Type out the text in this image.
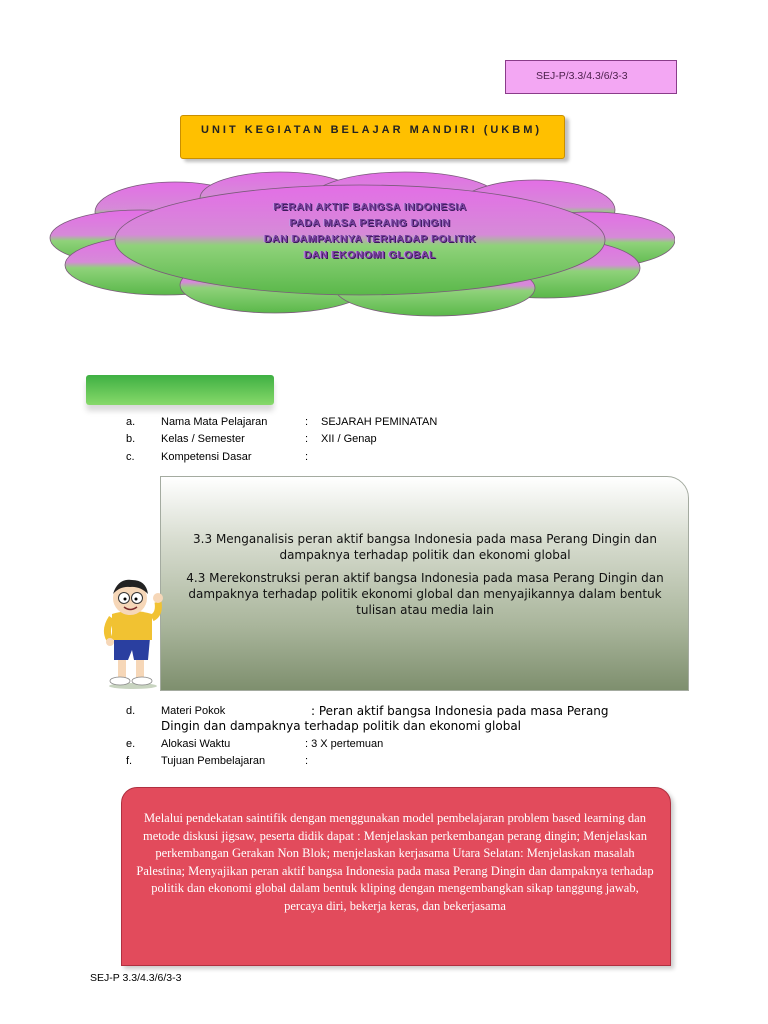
SEJ-P/3.3/4.3/6/3-3
UNIT KEGIATAN BELAJAR MANDIRI (UKBM)
PERAN AKTIF BANGSA INDONESIA
PADA MASA PERANG DINGIN
DAN DAMPAKNYA TERHADAP POLITIK
DAN EKONOMI GLOBAL
a. Nama Mata Pelajaran	: SEJARAH PEMINATAN
b. Kelas / Semester	: XII / Genap
c. Kompetensi Dasar	:

3.3 Menganalisis peran aktif bangsa Indonesia pada masa Perang Dingin dan dampaknya terhadap politik dan ekonomi global

4.3 Merekonstruksi peran aktif bangsa Indonesia pada masa Perang Dingin dan dampaknya terhadap politik ekonomi global dan menyajikannya dalam bentuk tulisan atau media lain

d. Materi Pokok	: Peran aktif bangsa Indonesia pada masa Perang
Dingin dan dampaknya terhadap politik dan ekonomi global
e. Alokasi Waktu	: 3 X pertemuan
f.	Tujuan Pembelajaran	:
Melalui pendekatan saintifik dengan menggunakan model pembelajaran problem based learning dan metode diskusi jigsaw, peserta didik dapat : Menjelaskan perkembangan perang dingin; Menjelaskan perkembangan Gerakan Non Blok; menjelaskan kerjasama Utara Selatan: Menjelaskan masalah Palestina; Menyajikan peran aktif bangsa Indonesia pada masa Perang Dingin dan dampaknya terhadap politik dan ekonomi global dalam bentuk kliping dengan mengembangkan sikap tanggung jawab, percaya diri, bekerja keras, dan bekerjasama
SEJ-P 3.3/4.3/6/3-3
